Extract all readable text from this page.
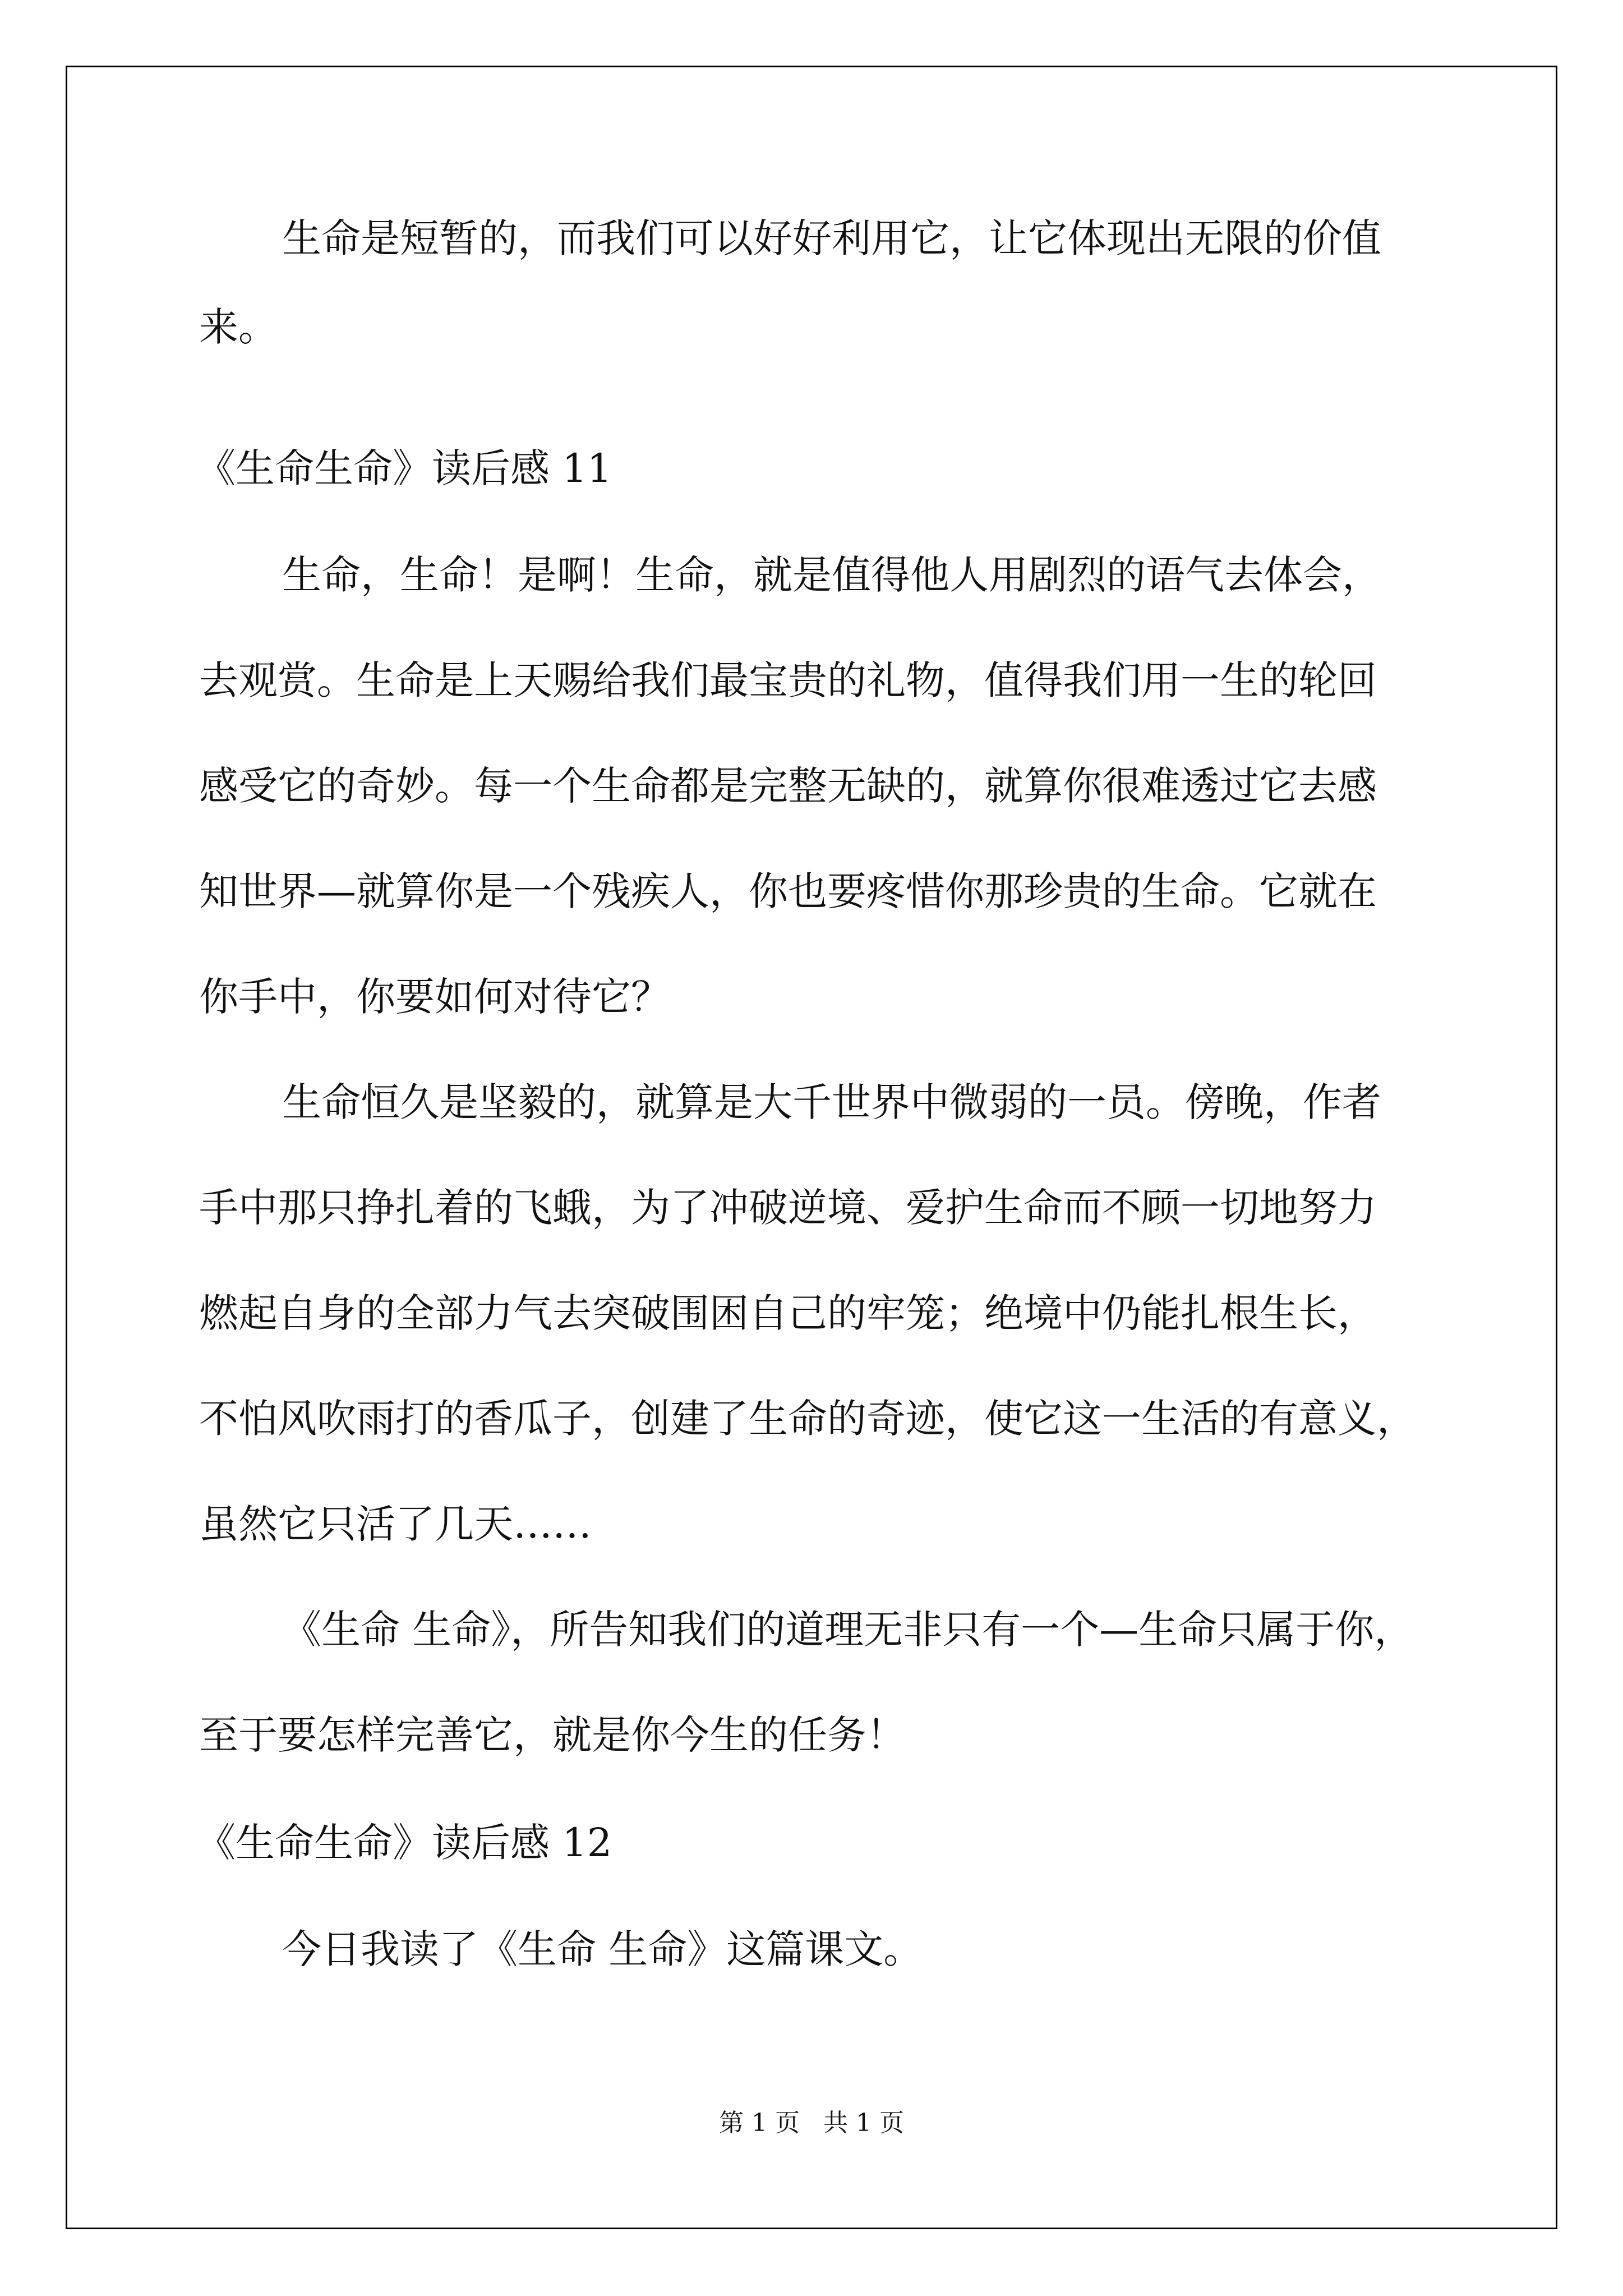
生命是短暂的，而我们可以好好利用它，让它体现出无限的价值
来。
《生命生命》读后感 11
生命，生命！是啊！生命，就是值得他人用剧烈的语气去体会，
去观赏。生命是上天赐给我们最宝贵的礼物，值得我们用一生的轮回
感受它的奇妙。每一个生命都是完整无缺的，就算你很难透过它去感
知世界—就算你是一个残疾人，你也要疼惜你那珍贵的生命。它就在
你手中，你要如何对待它？
生命恒久是坚毅的，就算是大千世界中微弱的一员。傍晚，作者
手中那只挣扎着的飞蛾，为了冲破逆境、爱护生命而不顾一切地努力
燃起自身的全部力气去突破围困自己的牢笼；绝境中仍能扎根生长，
不怕风吹雨打的香瓜子，创建了生命的奇迹，使它这一生活的有意义，
虽然它只活了几天……
《生命 生命》，所告知我们的道理无非只有一个—生命只属于你，
至于要怎样完善它，就是你今生的任务！
《生命生命》读后感 12
今日我读了《生命 生命》这篇课文。
第 1 页   共 1 页
